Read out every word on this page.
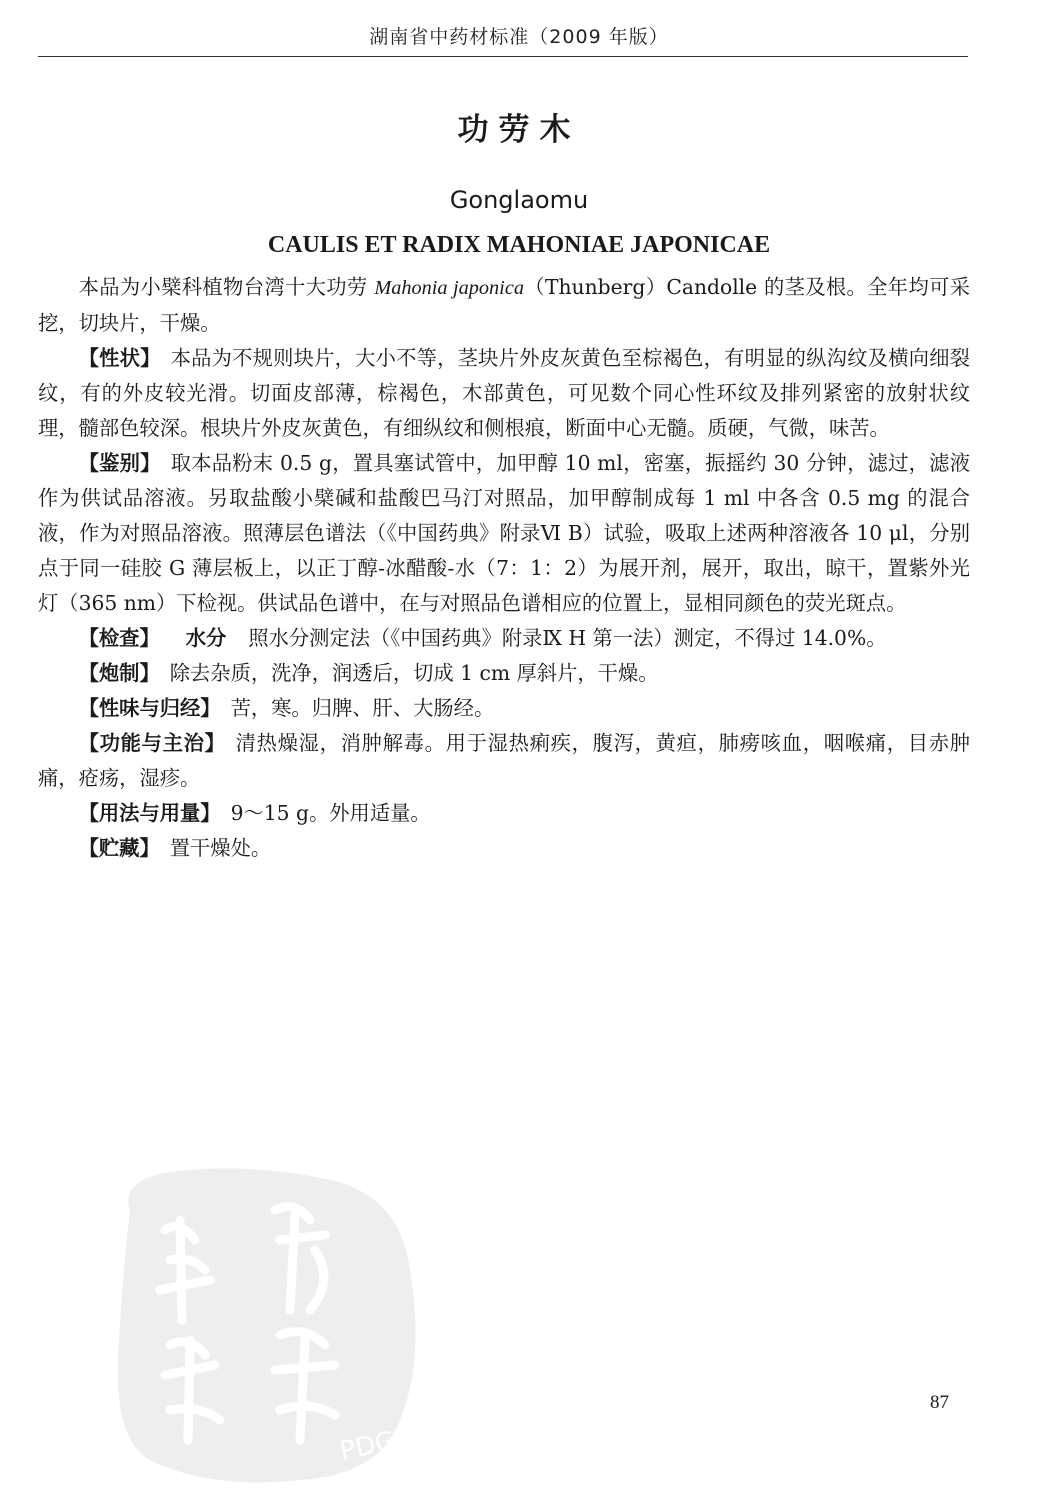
湖南省中药材标准（2009 年版）
功劳木
Gonglaomu
CAULIS ET RADIX MAHONIAE JAPONICAE

本品为小檗科植物台湾十大功劳 Mahonia japonica（Thunberg）Candolle 的茎及根。全年均可采挖，切块片，干燥。

【性状】 本品为不规则块片，大小不等，茎块片外皮灰黄色至棕褐色，有明显的纵沟纹及横向细裂纹，有的外皮较光滑。切面皮部薄，棕褐色，木部黄色，可见数个同心性环纹及排列紧密的放射状纹理，髓部色较深。根块片外皮灰黄色，有细纵纹和侧根痕，断面中心无髓。质硬，气微，味苦。

【鉴别】 取本品粉末 0.5 g，置具塞试管中，加甲醇 10 ml，密塞，振摇约 30 分钟，滤过，滤液作为供试品溶液。另取盐酸小檗碱和盐酸巴马汀对照品，加甲醇制成每 1 ml 中各含 0.5 mg 的混合液，作为对照品溶液。照薄层色谱法（《中国药典》附录Ⅵ B）试验，吸取上述两种溶液各 10 μl，分别点于同一硅胶 G 薄层板上，以正丁醇-冰醋酸-水（7：1：2）为展开剂，展开，取出，晾干，置紫外光灯（365 nm）下检视。供试品色谱中，在与对照品色谱相应的位置上，显相同颜色的荧光斑点。

【检查】 水分 照水分测定法（《中国药典》附录Ⅸ H 第一法）测定，不得过 14.0%。

【炮制】 除去杂质，洗净，润透后，切成 1 cm 厚斜片，干燥。

【性味与归经】 苦，寒。归脾、肝、大肠经。

【功能与主治】 清热燥湿，消肿解毒。用于湿热痢疾，腹泻，黄疸，肺痨咳血，咽喉痛，目赤肿痛，疮疡，湿疹。

【用法与用量】 9～15 g。外用适量。

【贮藏】 置干燥处。

PDG
87
